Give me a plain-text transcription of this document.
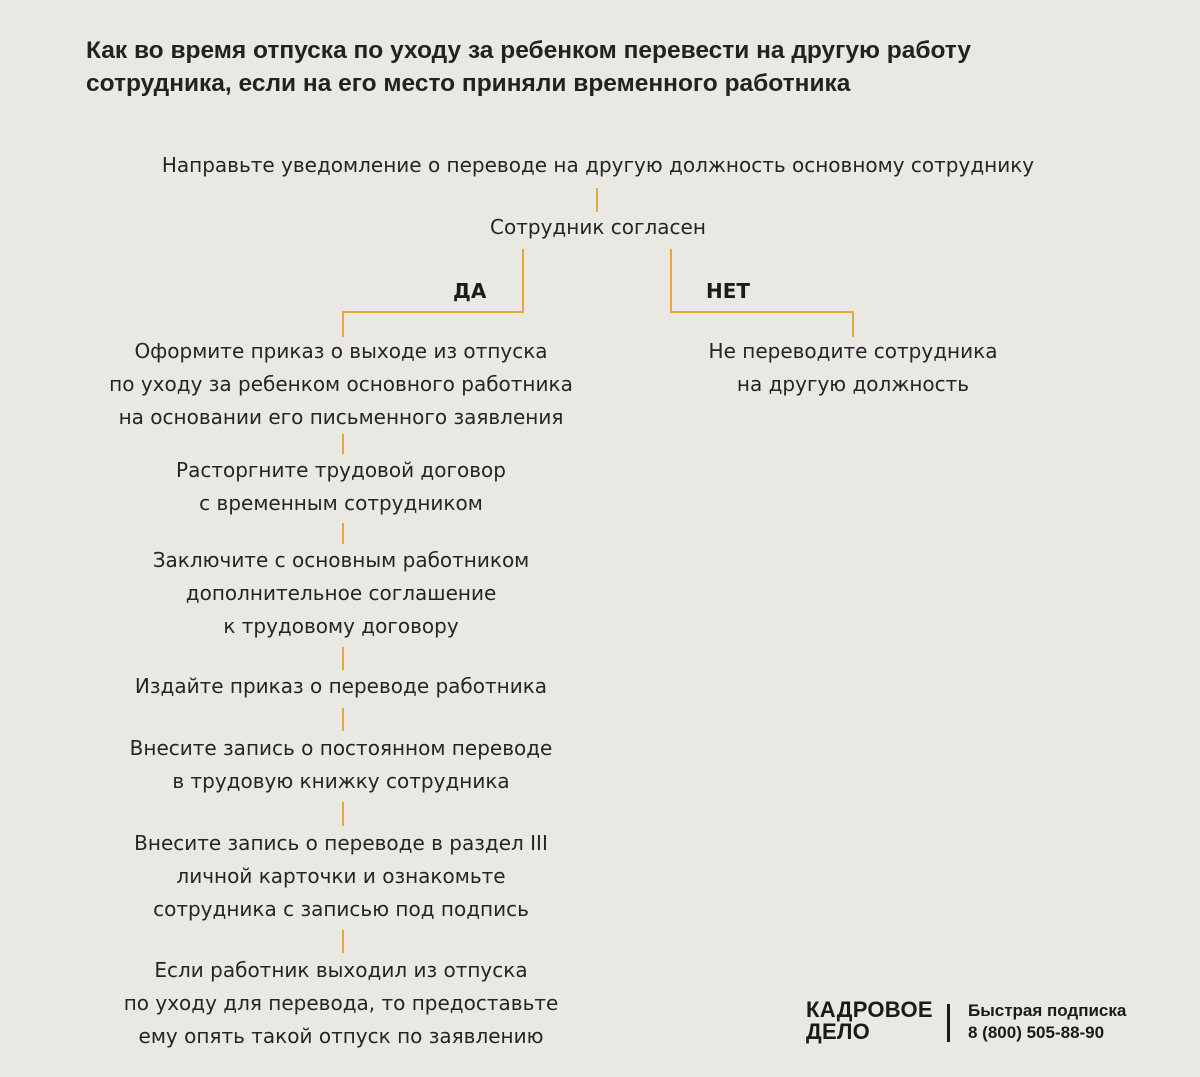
Как во время отпуска по уходу за ребенком перевести на другую работу
сотрудника, если на его место приняли временного работника
Направьте уведомление о переводе на другую должность основному сотруднику
Сотрудник согласен
ДА	НЕТ
Не переводите сотрудника
на другую должность
Оформите приказ о выходе из отпуска
по уходу за ребенком основного работника
на основании его письменного заявления
Расторгните трудовой договор
с временным сотрудником
Заключите с основным работником
дополнительное соглашение
к трудовому договору
Издайте приказ о переводе работника
Внесите запись о постоянном переводе
в трудовую книжку сотрудника
Внесите запись о переводе в раздел III
личной карточки и ознакомьте
сотрудника с записью под подпись
Если работник выходил из отпуска
по уходу для перевода, то предоставьте
ему опять такой отпуск по заявлению
КАДРОВОЕ
ДЕЛО
Быстрая подписка
8 (800) 505-88-90
